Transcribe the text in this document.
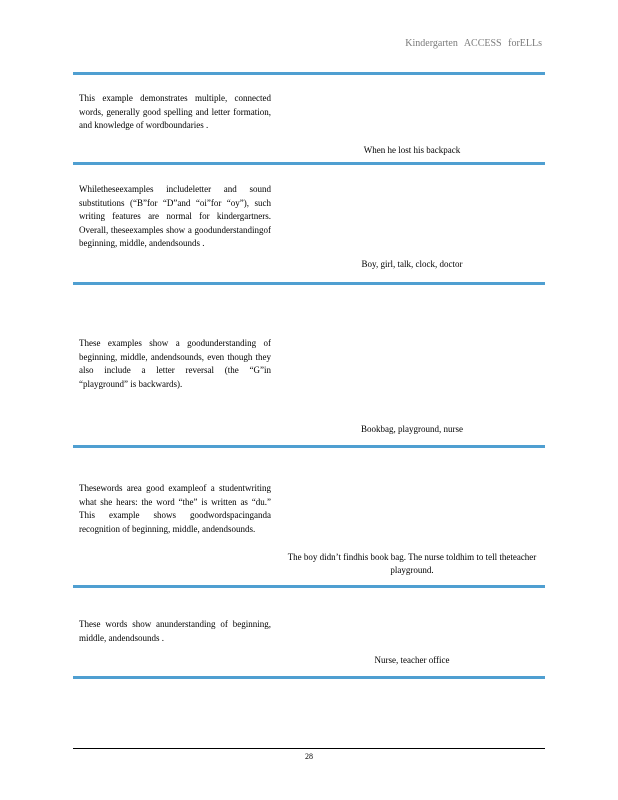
Kindergarten ACCESS forELLs
This example demonstrates multiple, connected words, generally good spelling and letter formation, and knowledge of wordboundaries .
When he lost his backpack
Whiletheseexamples includeletter and sound substitutions (“B”for “D”and “oi”for “oy”), such writing features are normal for kindergartners. Overall, theseexamples show a goodunderstandingof beginning, middle, andendsounds .
Boy, girl, talk, clock, doctor
These examples show a goodunderstanding of beginning, middle, andendsounds, even though they also include a letter reversal (the “G”in “playground” is backwards).
Bookbag, playground, nurse
Thesewords area good exampleof a studentwriting what she hears: the word “the” is written as “du.” This example shows goodwordspacinganda recognition of beginning, middle, andendsounds.
The boy didn’t findhis book bag. The nurse toldhim to tell theteacher playground.
These words show anunderstanding of beginning, middle, andendsounds .
Nurse, teacher office
28
